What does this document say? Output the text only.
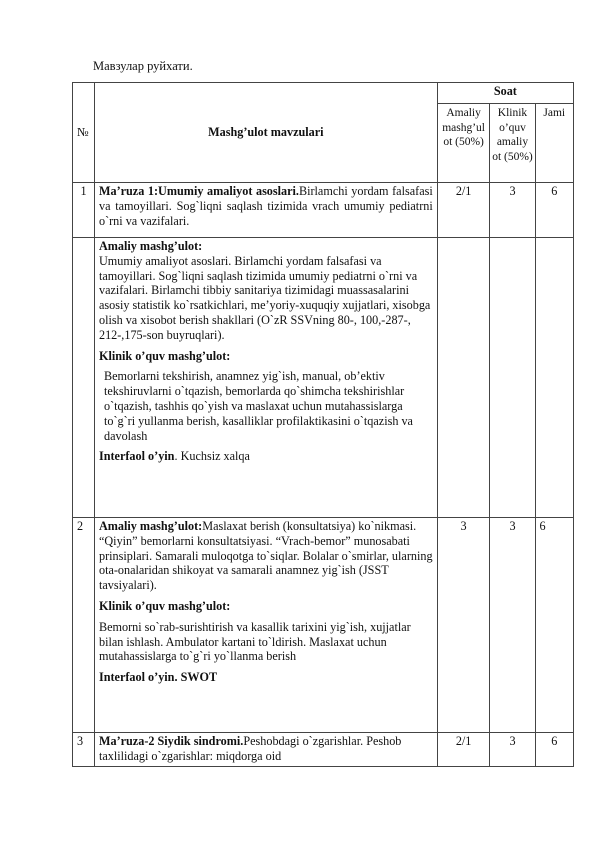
Мавзулар руйхати.
№	Mashg’ulot mavzulari	Soat		
		Amaliy mashg’ul ot (50%)	Klinik o’quv amaliy ot (50%)	Jami
1	Ma’ruza 1:Umumiy amaliyot asoslari.Birlamchi yordam falsafasi va tamoyillari. Sog`liqni saqlash tizimida vrach umumiy pediatrni o`rni va vazifalari.	2/1	3	6

	Amaliy mashg’ulot:

Umumiy amaliyot asoslari. Birlamchi yordam falsafasi va tamoyillari. Sog`liqni saqlash tizimida umumiy pediatrni o`rni va vazifalari. Birlamchi tibbiy sanitariya tizimidagi muassasalarini asosiy statistik ko`rsatkichlari, me’yoriy-xuquqiy xujjatlari, xisobga olish va xisobot berish shakllari (O`zR SSVning 80-, 100,-287-, 212-,175-son buyruqlari).

Klinik o’quv mashg’ulot:

Bemorlarni tekshirish, anamnez yig`ish, manual, ob’ektiv tekshiruvlarni o`tqazish, bemorlarda qo`shimcha tekshirishlar o`tqazish, tashhis qo`yish va maslaxat uchun mutahassislarga to`g`ri yullanma berish, kasalliklar profilaktikasini o`tqazish va davolash

Interfaol o’yin. Kuchsiz xalqa			

2	Amaliy mashg’ulot:Maslaxat berish (konsultatsiya) ko`nikmasi. “Qiyin” bemorlarni konsultatsiyasi. “Vrach-bemor” munosabati prinsiplari. Samarali muloqotga to`siqlar. Bolalar o`smirlar, ularning ota-onalaridan shikoyat va samarali anamnez yig`ish (JSST tavsiyalari).

Klinik o’quv mashg’ulot:

Bemorni so`rab-surishtirish va kasallik tarixini yig`ish, xujjatlar bilan ishlash. Ambulator kartani to`ldirish. Maslaxat uchun mutahassislarga to`g`ri yo`llanma berish

Interfaol o’yin. SWOT	3	3	6
3	Ma’ruza-2 Siydik sindromi.Peshobdagi o`zgarishlar. Peshob taxlilidagi o`zgarishlar: miqdorga oid	2/1	3	6
